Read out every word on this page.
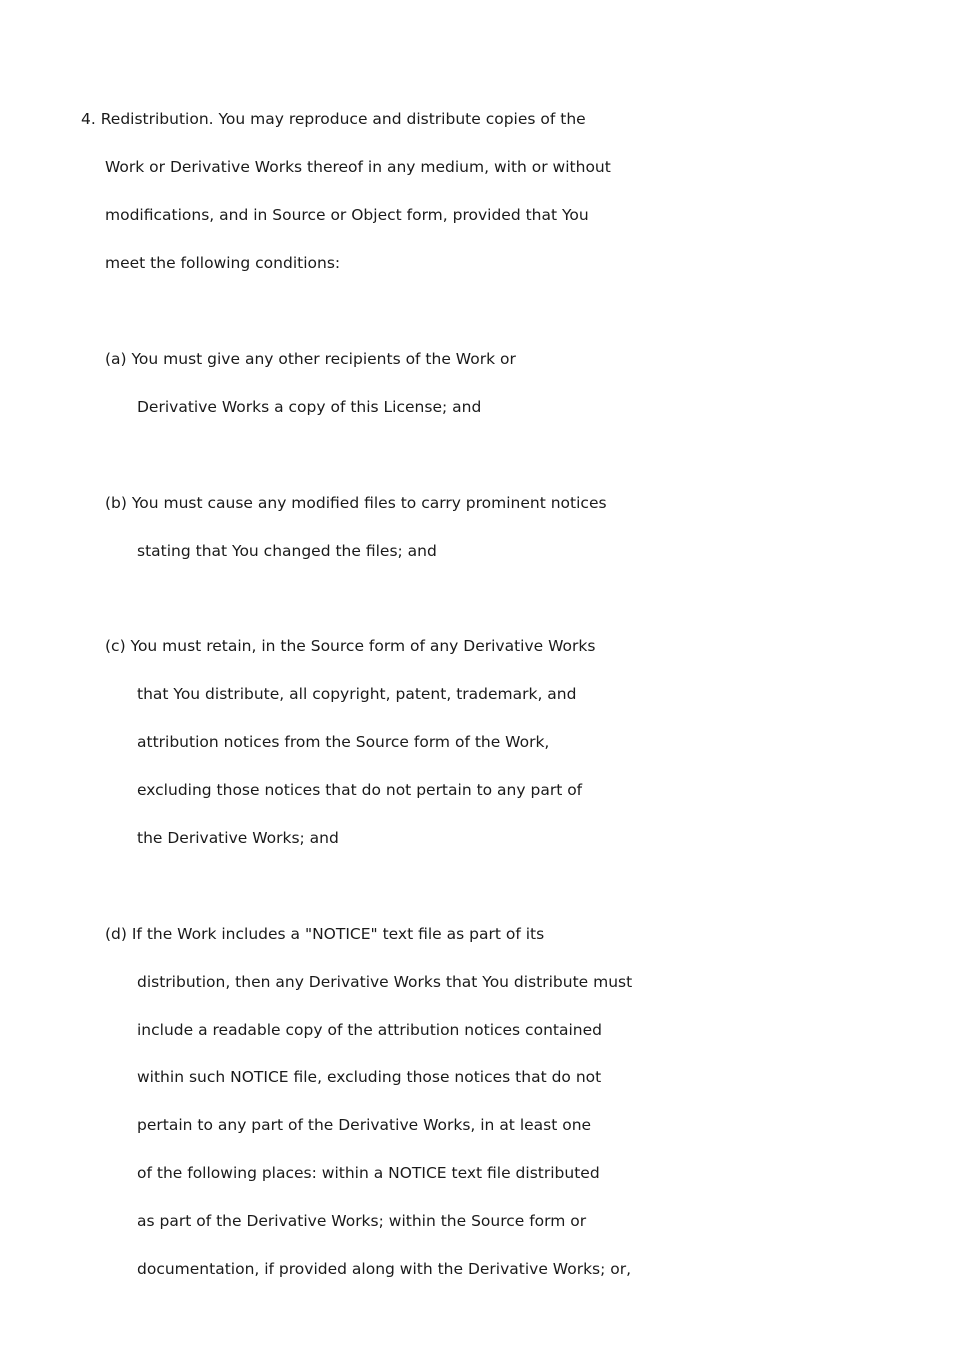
4. Redistribution. You may reproduce and distribute copies of the
Work or Derivative Works thereof in any medium, with or without
modifications, and in Source or Object form, provided that You
meet the following conditions:
(a) You must give any other recipients of the Work or
Derivative Works a copy of this License; and
(b) You must cause any modified files to carry prominent notices
stating that You changed the files; and
(c) You must retain, in the Source form of any Derivative Works
that You distribute, all copyright, patent, trademark, and
attribution notices from the Source form of the Work,
excluding those notices that do not pertain to any part of
the Derivative Works; and
(d) If the Work includes a "NOTICE" text file as part of its
distribution, then any Derivative Works that You distribute must
include a readable copy of the attribution notices contained
within such NOTICE file, excluding those notices that do not
pertain to any part of the Derivative Works, in at least one
of the following places: within a NOTICE text file distributed
as part of the Derivative Works; within the Source form or
documentation, if provided along with the Derivative Works; or,
